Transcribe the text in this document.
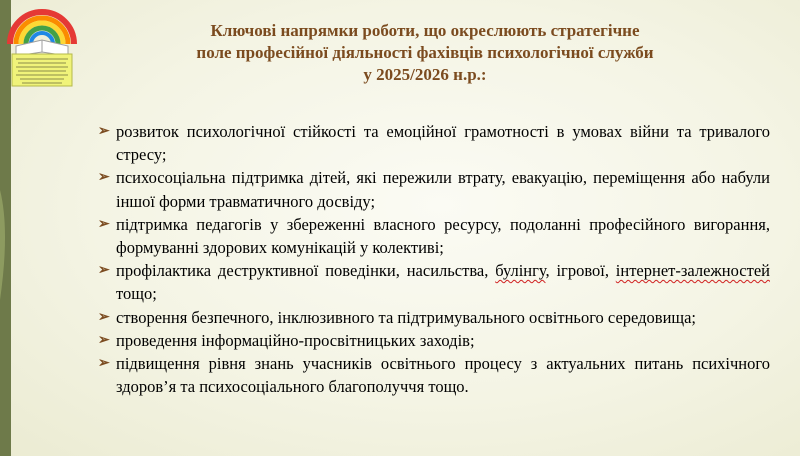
Ключові напрямки роботи, що окреслюють стратегічне
поле професійної діяльності фахівців психологічної служби
у 2025/2026 н.р.:
➢ розвиток психологічної стійкості та емоційної грамотності в умовах війни та тривалого стресу;
➢ психосоціальна підтримка дітей, які пережили втрату, евакуацію, переміщення або набули іншої форми травматичного досвіду;
➢ підтримка педагогів у збереженні власного ресурсу, подоланні професійного вигорання, формуванні здорових комунікацій у колективі;
➢ профілактика деструктивної поведінки, насильства, булінгу, ігрової, інтернет-залежностей тощо;
➢ створення безпечного, інклюзивного та підтримувального освітнього середовища;
➢ проведення інформаційно-просвітницьких заходів;
➢ підвищення рівня знань учасників освітнього процесу з актуальних питань психічного здоров’я та психосоціального благополуччя тощо.
